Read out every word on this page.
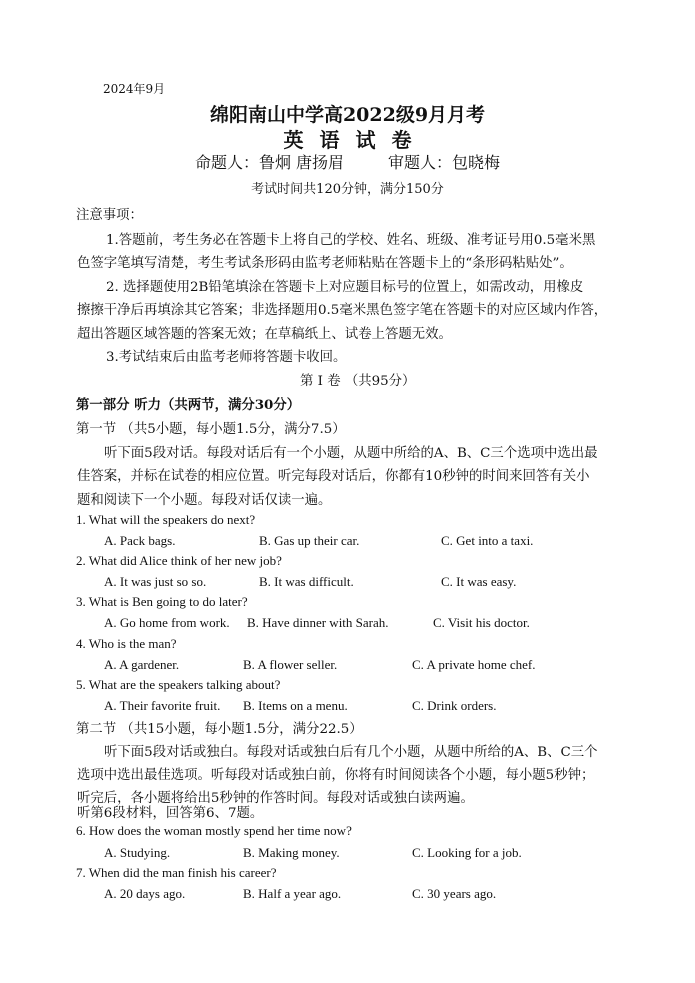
2024年9月
绵阳南山中学高2022级9月月考
英语试卷
命题人：鲁炯 唐扬眉	审题人：包晓梅
考试时间共120分钟，满分150分
注意事项：
1.答题前，考生务必在答题卡上将自己的学校、姓名、班级、准考证号用0.5毫米黑
色签字笔填写清楚，考生考试条形码由监考老师粘贴在答题卡上的“条形码粘贴处”。
2. 选择题使用2B铅笔填涂在答题卡上对应题目标号的位置上，如需改动，用橡皮
擦擦干净后再填涂其它答案；非选择题用0.5毫米黑色签字笔在答题卡的对应区域内作答，
超出答题区域答题的答案无效；在草稿纸上、试卷上答题无效。
3.考试结束后由监考老师将答题卡收回。
第 I 卷 （共95分）
第一部分 听力（共两节，满分30分）
第一节 （共5小题，每小题1.5分，满分7.5）
听下面5段对话。每段对话后有一个小题，从题中所给的A、B、C三个选项中选出最
佳答案，并标在试卷的相应位置。听完每段对话后，你都有10秒钟的时间来回答有关小
题和阅读下一个小题。每段对话仅读一遍。
1. What will the speakers do next?
A. Pack bags.	B. Gas up their car.	C. Get into a taxi.
2. What did Alice think of her new job?
A. It was just so so.	B. It was difficult.	C. It was easy.
3. What is Ben going to do later?
A. Go home from work. B. Have dinner with Sarah.	C. Visit his doctor.
4. Who is the man?
A. A gardener.	B. A flower seller.	C. A private home chef.
5. What are the speakers talking about?
A. Their favorite fruit. B. Items on a menu.	C. Drink orders.
第二节 （共15小题，每小题1.5分，满分22.5）
听下面5段对话或独白。每段对话或独白后有几个小题，从题中所给的A、B、C三个
选项中选出最佳选项。听每段对话或独白前，你将有时间阅读各个小题，每小题5秒钟；
听完后，各小题将给出5秒钟的作答时间。每段对话或独白读两遍。
听第6段材料，回答第6、7题。
6. How does the woman mostly spend her time now?
A. Studying.	B. Making money.	C. Looking for a job.
7. When did the man finish his career?
A. 20 days ago.	B. Half a year ago.	C. 30 years ago.
